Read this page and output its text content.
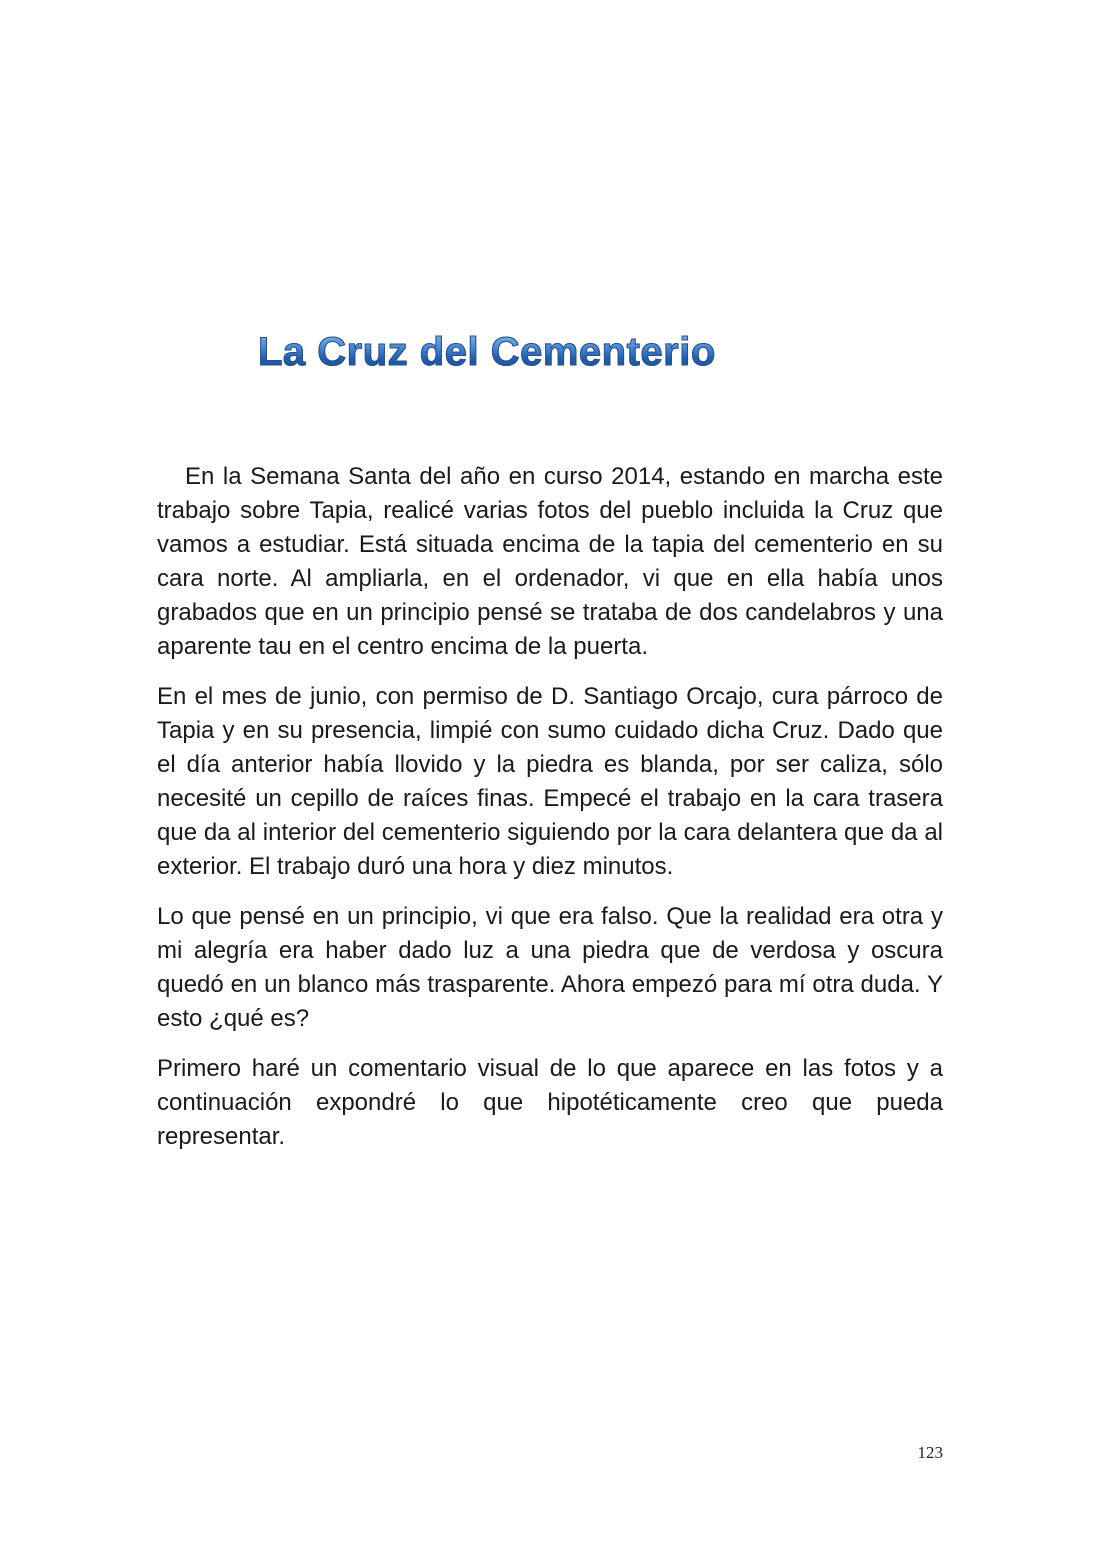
La Cruz del Cementerio

En la Semana Santa del año en curso 2014, estando en marcha este trabajo sobre Tapia, realicé varias fotos del pueblo incluida la Cruz que vamos a estudiar. Está situada encima de la tapia del cementerio en su cara norte. Al ampliarla, en el ordenador, vi que en ella había unos grabados que en un principio pensé se trataba de dos candelabros y una aparente tau en el centro encima de la puerta.

En el mes de junio, con permiso de D. Santiago Orcajo, cura párroco de Tapia y en su presencia, limpié con sumo cuidado dicha Cruz. Dado que el día anterior había llovido y la piedra es blanda, por ser caliza, sólo necesité un cepillo de raíces finas. Empecé el trabajo en la cara trasera que da al interior del cementerio siguiendo por la cara delantera que da al exterior. El trabajo duró una hora y diez minutos.

Lo que pensé en un principio, vi que era falso. Que la realidad era otra y mi alegría era haber dado luz a una piedra que de verdosa y oscura quedó en un blanco más trasparente. Ahora empezó para mí otra duda. Y esto ¿qué es?

Primero haré un comentario visual de lo que aparece en las fotos y a continuación expondré lo que hipotéticamente creo que pueda representar.

123
